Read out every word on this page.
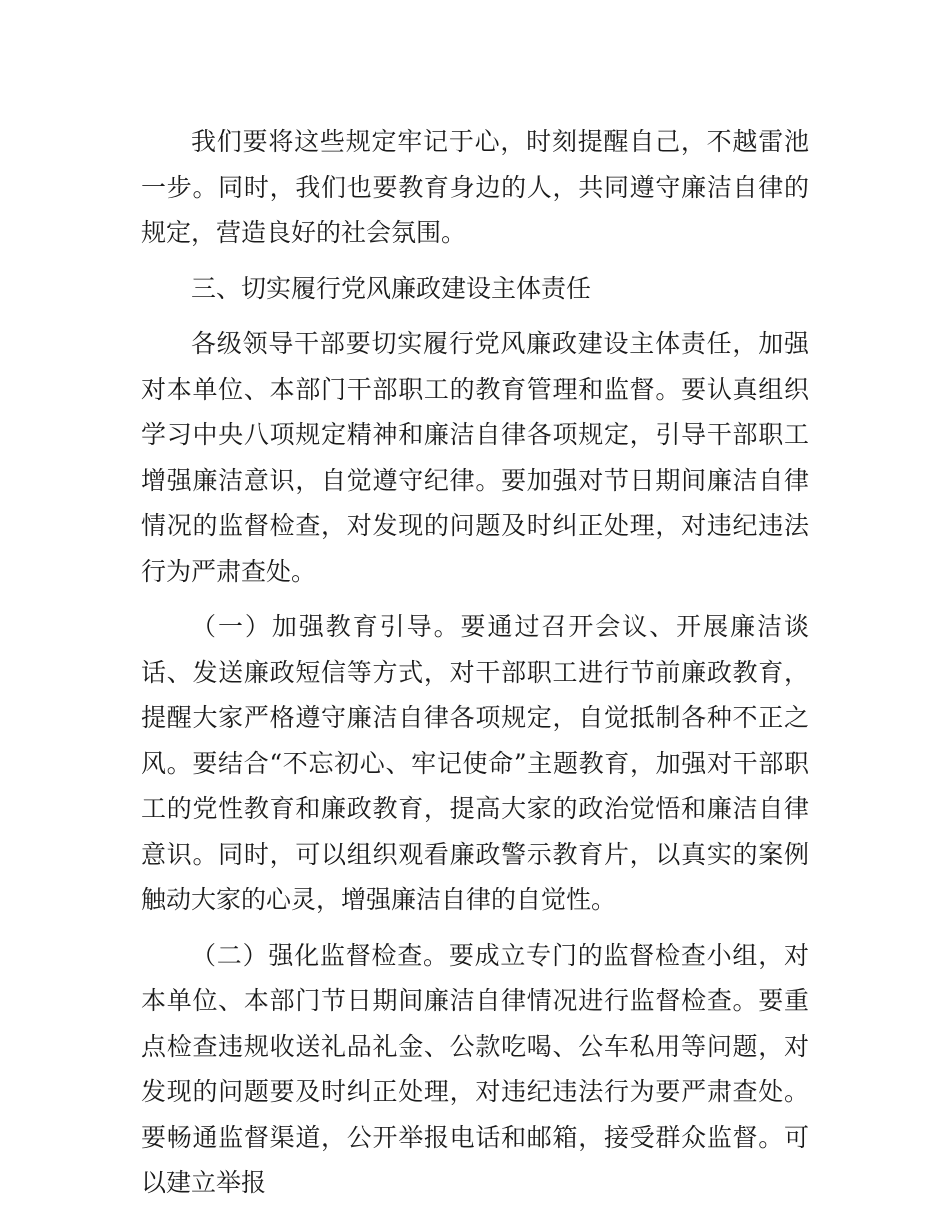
我们要将这些规定牢记于心，时刻提醒自己，不越雷池一步。同时，我们也要教育身边的人，共同遵守廉洁自律的规定，营造良好的社会氛围。

三、切实履行党风廉政建设主体责任

各级领导干部要切实履行党风廉政建设主体责任，加强对本单位、本部门干部职工的教育管理和监督。要认真组织学习中央八项规定精神和廉洁自律各项规定，引导干部职工增强廉洁意识，自觉遵守纪律。要加强对节日期间廉洁自律情况的监督检查，对发现的问题及时纠正处理，对违纪违法行为严肃查处。

（一）加强教育引导。要通过召开会议、开展廉洁谈话、发送廉政短信等方式，对干部职工进行节前廉政教育，提醒大家严格遵守廉洁自律各项规定，自觉抵制各种不正之风。要结合“不忘初心、牢记使命”主题教育，加强对干部职工的党性教育和廉政教育，提高大家的政治觉悟和廉洁自律意识。同时，可以组织观看廉政警示教育片，以真实的案例触动大家的心灵，增强廉洁自律的自觉性。

（二）强化监督检查。要成立专门的监督检查小组，对本单位、本部门节日期间廉洁自律情况进行监督检查。要重点检查违规收送礼品礼金、公款吃喝、公车私用等问题，对发现的问题要及时纠正处理，对违纪违法行为要严肃查处。要畅通监督渠道，公开举报电话和邮箱，接受群众监督。可以建立举报
